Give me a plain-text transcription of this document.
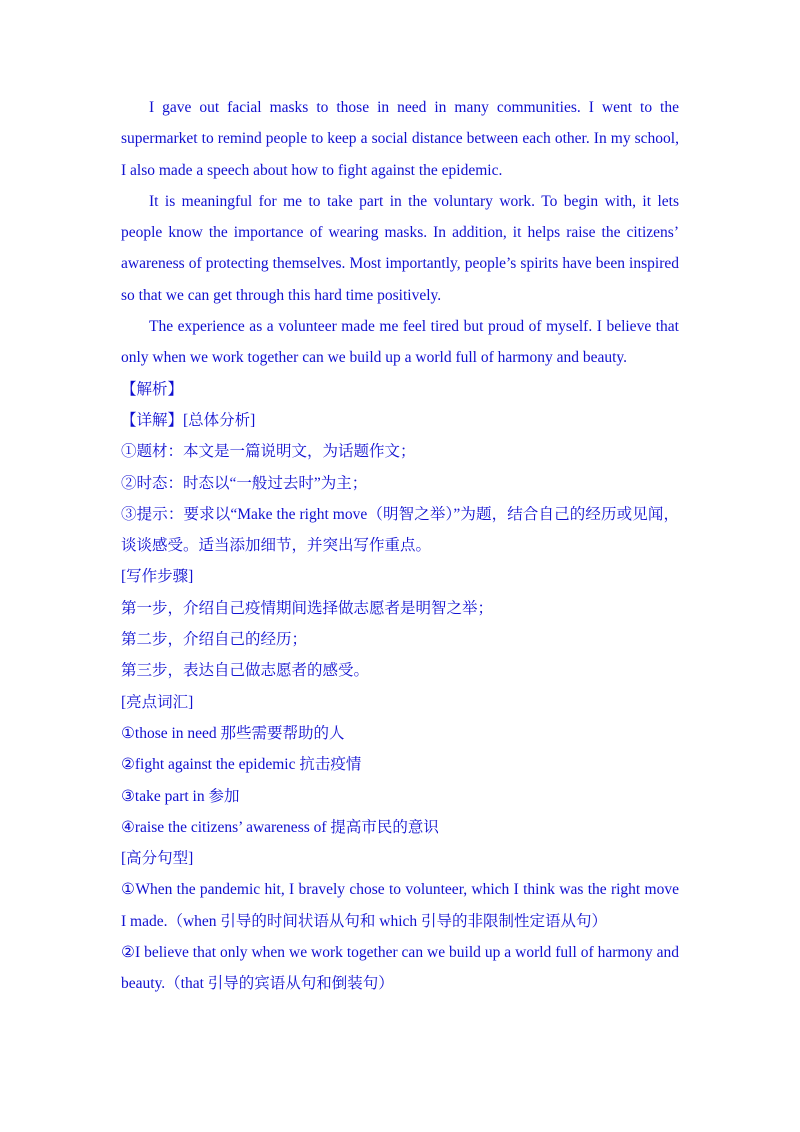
I gave out facial masks to those in need in many communities. I went to the supermarket to remind people to keep a social distance between each other. In my school, I also made a speech about how to fight against the epidemic.

It is meaningful for me to take part in the voluntary work. To begin with, it lets people know the importance of wearing masks. In addition, it helps raise the citizens’ awareness of protecting themselves. Most importantly, people’s spirits have been inspired so that we can get through this hard time positively.

The experience as a volunteer made me feel tired but proud of myself. I believe that only when we work together can we build up a world full of harmony and beauty.

【解析】
【详解】[总体分析]

①题材：本文是一篇说明文，为话题作文；

②时态：时态以“一般过去时”为主；

③提示：要求以“Make the right move（明智之举）”为题，结合自己的经历或见闻，谈谈感受。适当添加细节，并突出写作重点。

[写作步骤]
第一步，介绍自己疫情期间选择做志愿者是明智之举；
第二步，介绍自己的经历；
第三步，表达自己做志愿者的感受。
[亮点词汇]
①those in need 那些需要帮助的人
②fight against the epidemic 抗击疫情
③take part in 参加
④raise the citizens’ awareness of 提高市民的意识
[高分句型]

①When the pandemic hit, I bravely chose to volunteer, which I think was the right move I made.（when 引导的时间状语从句和 which 引导的非限制性定语从句）

②I believe that only when we work together can we build up a world full of harmony and beauty.（that 引导的宾语从句和倒装句）
